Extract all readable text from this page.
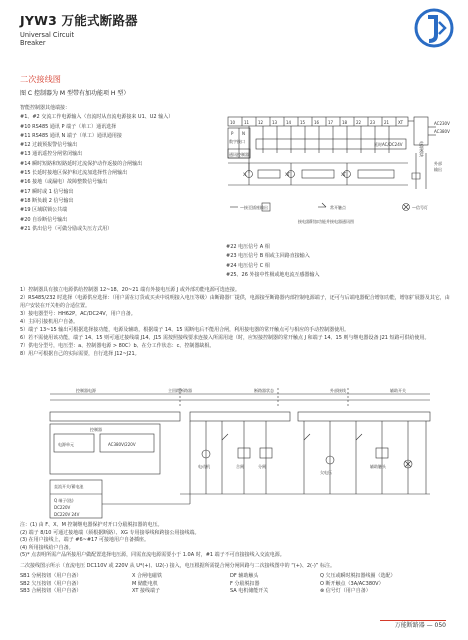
JYW3 万能式断路器
Universal Circuit
Breaker
二次接线图
图 C 控制器为 M 型带有加功能项 H 型）
智能控制器其他端接：
#1、#2 交流工作电源输入（直流时从直流电源接来 U1、U2 输入）
#10 RS485 通讯 P 端子（单工）通讯选择
#11 RS485 通讯 N 端子（单工）通讯通用接
#12 过载预报警信号输出
#13 通讯遥控分闸常闭输出
#14 瞬时短路和短路延时过流保护动作返接的合闸输出
#15 长延时接地区保护和过流加选择性合闸输出
#16 接地（或漏电）故障整数信号输出
#17 瞬时或 1 信号输出
#18 断负载 2 信号输出
#19 区域联锁公共端
#20 自诊断信号输出
#21 供出信号（可做分励或失压方式用）
#22 电压信号 A 相
#23 电压信号 B 相或主回路直接输入
#24 电压信号 C 相
#25、26 外接中性极或地电流互感器输入
10 11 12 13 14 15 16 17 18 22 23 21 XT
P N
数字接口
通讯控制器
延时AC/DC24V
AC230V
AC380V
电源模块
外部
输出
X	XT	XT
—接至插座输出	常开触点	—信号灯
接电器附加功能并接电器通讯图
1）控制器具有独立电源供给控制器 12~18、20~21 端有外接电压源 J 或外部功能电源可选连接。
2）RS485/232 时选择（电源供应选择：（用户需在订货或买卖中说明接入电压等级）由断路器厂提供，电源接至断路器内部控制电源端子，还可与后端电器配合增加功能，增加扩展器及其它，由用户安装在开关柜的合适位置。
3）接电器型号：HH62P，AC/DC24V，用户自备。
4）主回引接机用户自备。
5）端子 13~15 输出可根据选择接功能，电源及辅助，根据端子 14、15 需断电后不能用合闸，利用接电器的常开触点可与相应的手动控制器使用。
6）若不需使用该功能，端子 14、15 则可通过接线端 J14、J15 需按照接线要求连接入所需用途（时，应短接控制器的常开触点 J 和端子 14、15 则与继电器设备 J21 短路可供给使用。
7）供电分型号，电压型：a、控制器电源 > 80C）b、在分工作状态：c、控制器缺相。
8）用户可根据自己的实际需要，自行选择 J12~J21。
控制器电源	主回路断路器	断路器状态	外部接线	辅助开关
控制器
电源单元	AC380V/220V
电动机	合闸	分闸
欠电压
辅助触头
直流开关/蓄电池
Q 端子(选)
DC220V
DC220V 24V
注：(1) 由 F、X、M 控制继电器保护对开口分励脱扣器的电压。
(2) 端子 8/10 可通过接地端（须根据断路）、XG 专用接零线和跨接公用接线端。
(3) 在用户接线上，端子 #6~#17 可接地用户自备插座。
(4) 所用接线给户自备。
(5)* 点表明所需产品所接用户做配置选择电压源，同需直流电源需要小于 1.0A 时，#1 端子不可直接接线入交流电源。
二次接线图示所示（直流电压 DC110V 或 220V 从 U*(+)、U2(-) 接入，电压根据所需提合闸分闸回路与二次接线图中的 “(+)、2(-)” 标注。
SB1 分闸按钮（用户自备）	X 合闸电磁铁	DF 辅助触头	Q 欠压或瞬时脱扣器线圈（选配）
SB2 欠压按钮（用户自备）	M 储能电机	F 分励脱扣器	O 断开触点（3A/AC380V）
SB3 合闸按钮（用户自备）	XT 接线端子	SA 电机储能开关	⊗ 信号灯（用户自备）
万能断路器 — 050
